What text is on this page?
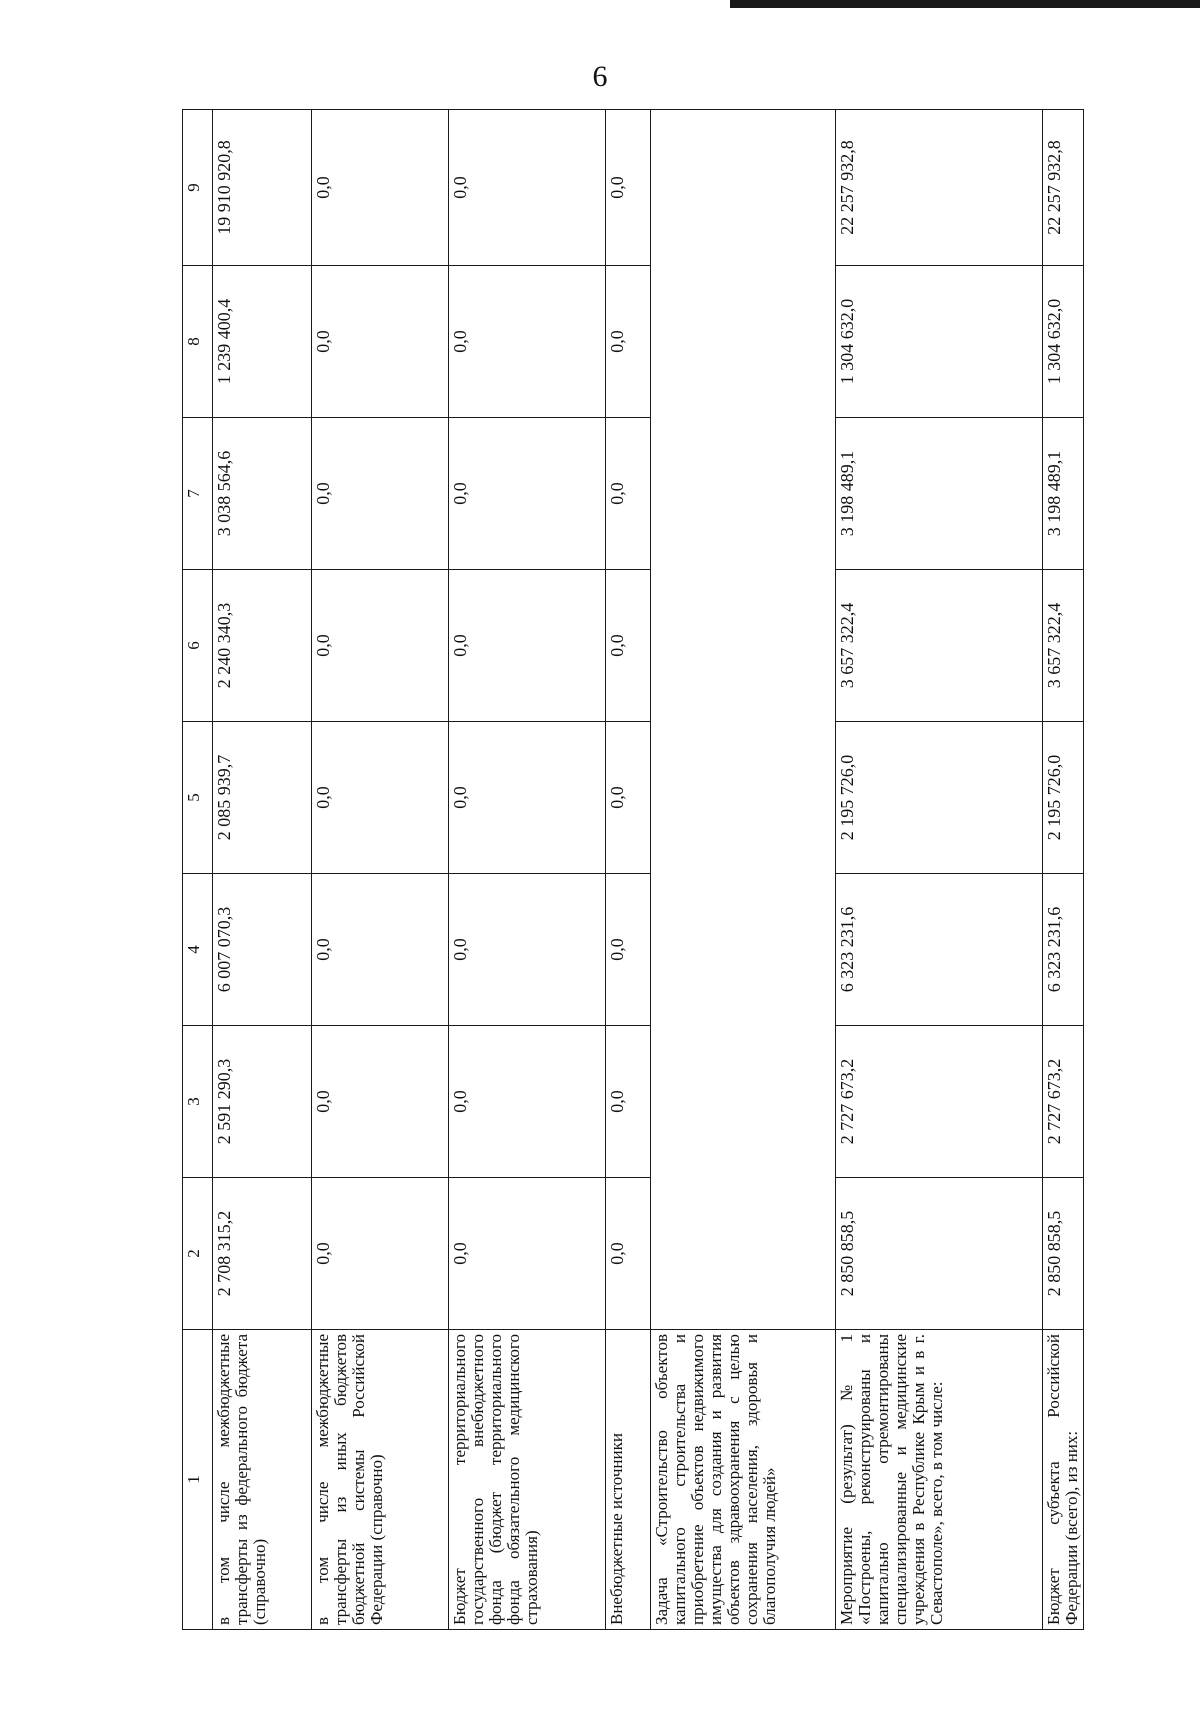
6
1	2	3	4	5	6	7	8	9
в том числе межбюджетные трансферты из федерального бюджета (справочно)	2 708 315,2	2 591 290,3	6 007 070,3	2 085 939,7	2 240 340,3	3 038 564,6	1 239 400,4	19 910 920,8
в том числе межбюджетные трансферты из иных бюджетов бюджетной системы Российской Федерации (справочно)	0,0	0,0	0,0	0,0	0,0	0,0	0,0	0,0
Бюджет территориального государственного внебюджетного фонда (бюджет территориального фонда обязательного медицинского страхования)	0,0	0,0	0,0	0,0	0,0	0,0	0,0	0,0
Внебюджетные источники	0,0	0,0	0,0	0,0	0,0	0,0	0,0	0,0
Задача «Строительство объектов капитального строительства и приобретение объектов недвижимого имущества для создания и развития объектов здравоохранения с целью сохранения населения, здоровья и благополучия людей»								
Мероприятие (результат) № 1 «Построены, реконструированы и капитально отремонтированы специализированные и медицинские учреждения в Республике Крым и в г. Севастополе», всего, в том числе:	2 850 858,5	2 727 673,2	6 323 231,6	2 195 726,0	3 657 322,4	3 198 489,1	1 304 632,0	22 257 932,8
Бюджет субъекта Российской Федерации (всего), из них:	2 850 858,5	2 727 673,2	6 323 231,6	2 195 726,0	3 657 322,4	3 198 489,1	1 304 632,0	22 257 932,8
